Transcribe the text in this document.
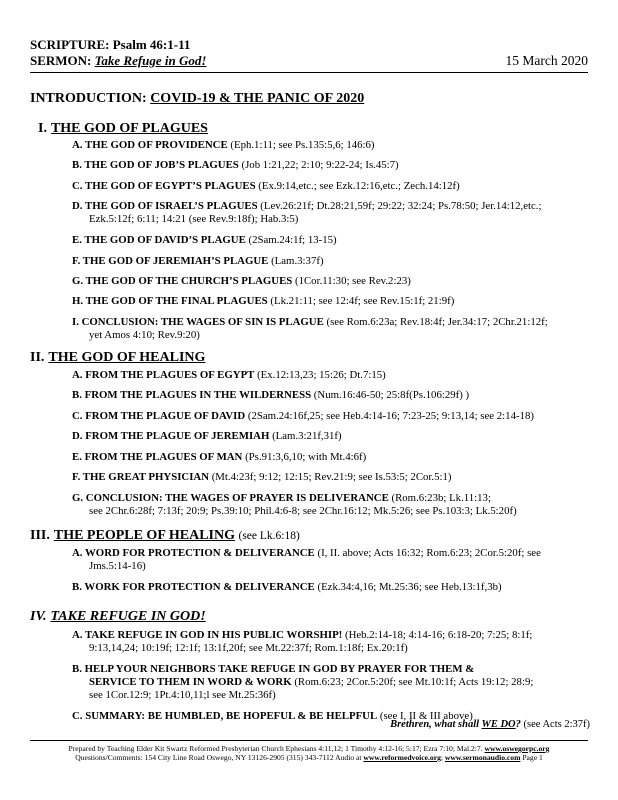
SCRIPTURE: Psalm 46:1-11
SERMON: Take Refuge in God!	15 March 2020
INTRODUCTION: COVID-19 & THE PANIC OF 2020
I. THE GOD OF PLAGUES
A. THE GOD OF PROVIDENCE (Eph.1:11; see Ps.135:5,6; 146:6)
B. THE GOD OF JOB’S PLAGUES (Job 1:21,22; 2:10; 9:22-24; Is.45:7)
C. THE GOD OF EGYPT’S PLAGUES (Ex.9:14,etc.; see Ezk.12:16,etc.; Zech.14:12f)
D. THE GOD OF ISRAEL’S PLAGUES (Lev.26:21f; Dt.28:21,59f; 29:22; 32:24; Ps.78:50; Jer.14:12,etc.;
Ezk.5:12f; 6:11; 14:21 (see Rev.9:18f); Hab.3:5)
E. THE GOD OF DAVID’S PLAGUE (2Sam.24:1f; 13-15)
F. THE GOD OF JEREMIAH’S PLAGUE (Lam.3:37f)
G. THE GOD OF THE CHURCH’S PLAGUES (1Cor.11:30; see Rev.2:23)
H. THE GOD OF THE FINAL PLAGUES (Lk.21:11; see 12:4f; see Rev.15:1f; 21:9f)
I. CONCLUSION: THE WAGES OF SIN IS PLAGUE (see Rom.6:23a; Rev.18:4f; Jer.34:17; 2Chr.21:12f;
yet Amos 4:10; Rev.9:20)
II. THE GOD OF HEALING
A. FROM THE PLAGUES OF EGYPT (Ex.12:13,23; 15:26; Dt.7:15)
B. FROM THE PLAGUES IN THE WILDERNESS (Num.16:46-50; 25:8f(Ps.106:29f) )
C. FROM THE PLAGUE OF DAVID (2Sam.24:16f,25; see Heb.4:14-16; 7:23-25; 9:13,14; see 2:14-18)
D. FROM THE PLAGUE OF JEREMIAH (Lam.3:21f,31f)
E. FROM THE PLAGUES OF MAN (Ps.91:3,6,10; with Mt.4:6f)
F. THE GREAT PHYSICIAN (Mt.4:23f; 9:12; 12:15; Rev.21:9; see Is.53:5; 2Cor.5:1)
G. CONCLUSION: THE WAGES OF PRAYER IS DELIVERANCE (Rom.6:23b; Lk.11:13;
see 2Chr.6:28f; 7:13f; 20:9; Ps.39:10; Phil.4:6-8; see 2Chr.16:12; Mk.5:26; see Ps.103:3; Lk.5:20f)
III. THE PEOPLE OF HEALING (see Lk.6:18)
A. WORD FOR PROTECTION & DELIVERANCE (I, II. above; Acts 16:32; Rom.6:23; 2Cor.5:20f; see
Jms.5:14-16)
B. WORK FOR PROTECTION & DELIVERANCE (Ezk.34:4,16; Mt.25:36; see Heb.13:1f,3b)
IV. TAKE REFUGE IN GOD!
A. TAKE REFUGE IN GOD IN HIS PUBLIC WORSHIP! (Heb.2:14-18; 4:14-16; 6:18-20; 7:25; 8:1f;
9:13,14,24; 10:19f; 12:1f; 13:1f,20f; see Mt.22:37f; Rom.1:18f; Ex.20:1f)
B. HELP YOUR NEIGHBORS TAKE REFUGE IN GOD BY PRAYER FOR THEM &
SERVICE TO THEM IN WORD & WORK (Rom.6:23; 2Cor.5:20f; see Mt.10:1f; Acts 19:12; 28:9;
see 1Cor.12:9; 1Pt.4:10,11;l see Mt.25:36f)
C. SUMMARY: BE HUMBLED, BE HOPEFUL & BE HELPFUL (see I, II & III above)
Brethren, what shall WE DO? (see Acts 2:37f)
Prepared by Teaching Elder Kit Swartz Reformed Presbyterian Church Ephesians 4:11,12; 1 Timothy 4:12-16; 5:17; Ezra 7:10; Mal.2:7. www.oswegorpc.org
Questions/Comments: 154 City Line Road Oswego, NY 13126-2905 (315) 343-7112 Audio at www.reformedvoice.org; www.sermonaudio.com Page 1
